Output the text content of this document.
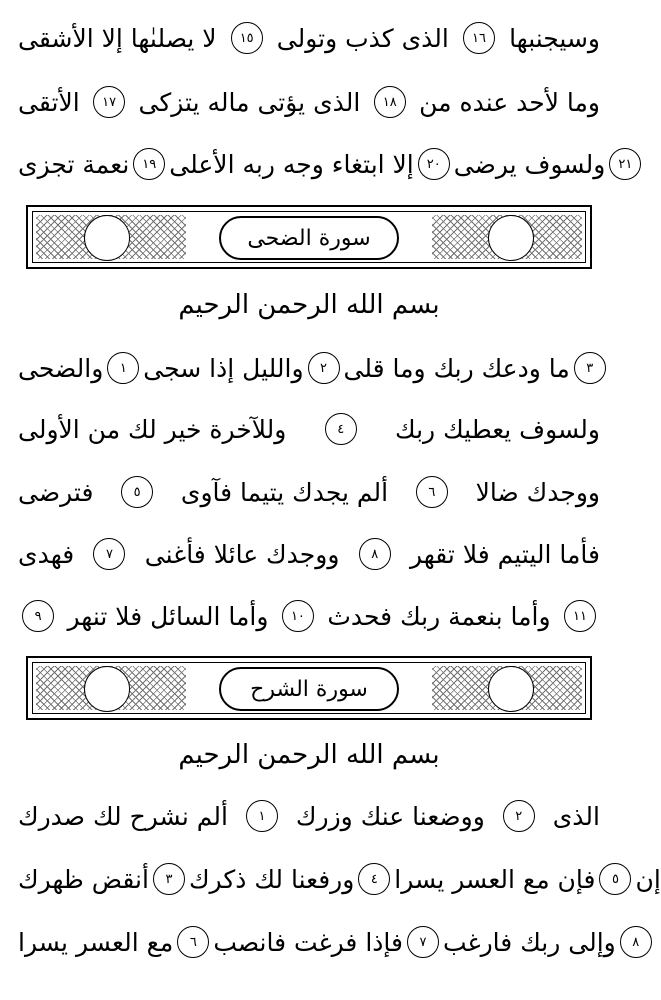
لا يصلىٰها إلا الأشقى ١٥ الذى كذب وتولى ١٦ وسيجنبها
الأتقى ١٧ الذى يؤتى ماله يتزكى ١٨ وما لأحد عنده من
نعمة تجزى ١٩ إلا ابتغاء وجه ربه الأعلى ٢٠ ولسوف يرضى ٢١
سورة الضحى
بسم الله الرحمن الرحيم
والضحى ١ والليل إذا سجى ٢ ما ودعك ربك وما قلى ٣
وللآخرة خير لك من الأولى	٤ ولسوف يعطيك ربك
فترضى	٥ ألم يجدك يتيما فآوى	٦ ووجدك ضالا
فهدى ٧ ووجدك عائلا فأغنى ٨ فأما اليتيم فلا تقهر
٩ وأما السائل فلا تنهر ١٠ وأما بنعمة ربك فحدث ١١
سورة الشرح
بسم الله الرحمن الرحيم
ألم نشرح لك صدرك ١ ووضعنا عنك وزرك ٢ الذى
أنقض ظهرك ٣ ورفعنا لك ذكرك ٤ فإن مع العسر يسرا ٥ إن
مع العسر يسرا ٦ فإذا فرغت فانصب ٧ وإلى ربك فارغب ٨
